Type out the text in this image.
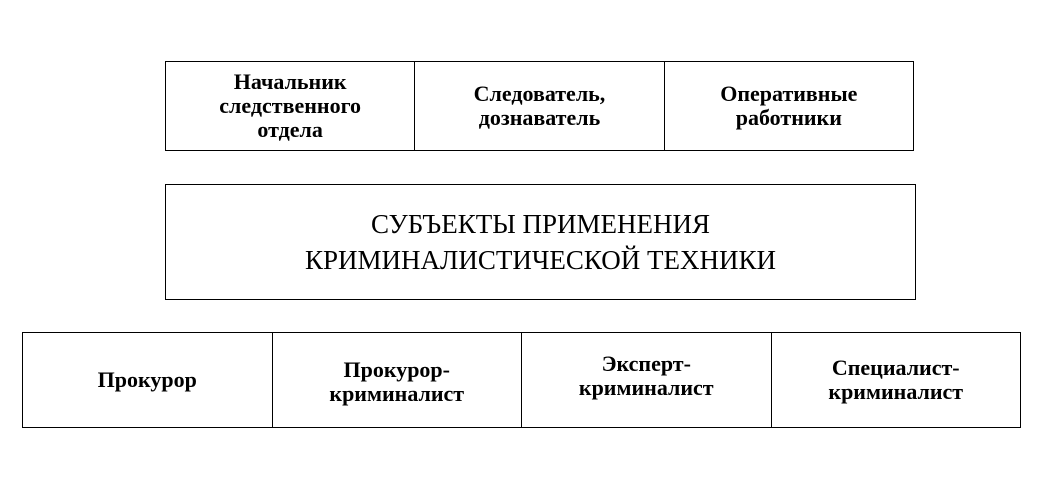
Начальник
следственного
отдела
Следователь,
дознаватель
Оперативные
работники
СУБЪЕКТЫ ПРИМЕНЕНИЯ
КРИМИНАЛИСТИЧЕСКОЙ ТЕХНИКИ
Прокурор	Прокурор-
криминалист
Эксперт-
криминалист
Специалист-
криминалист
